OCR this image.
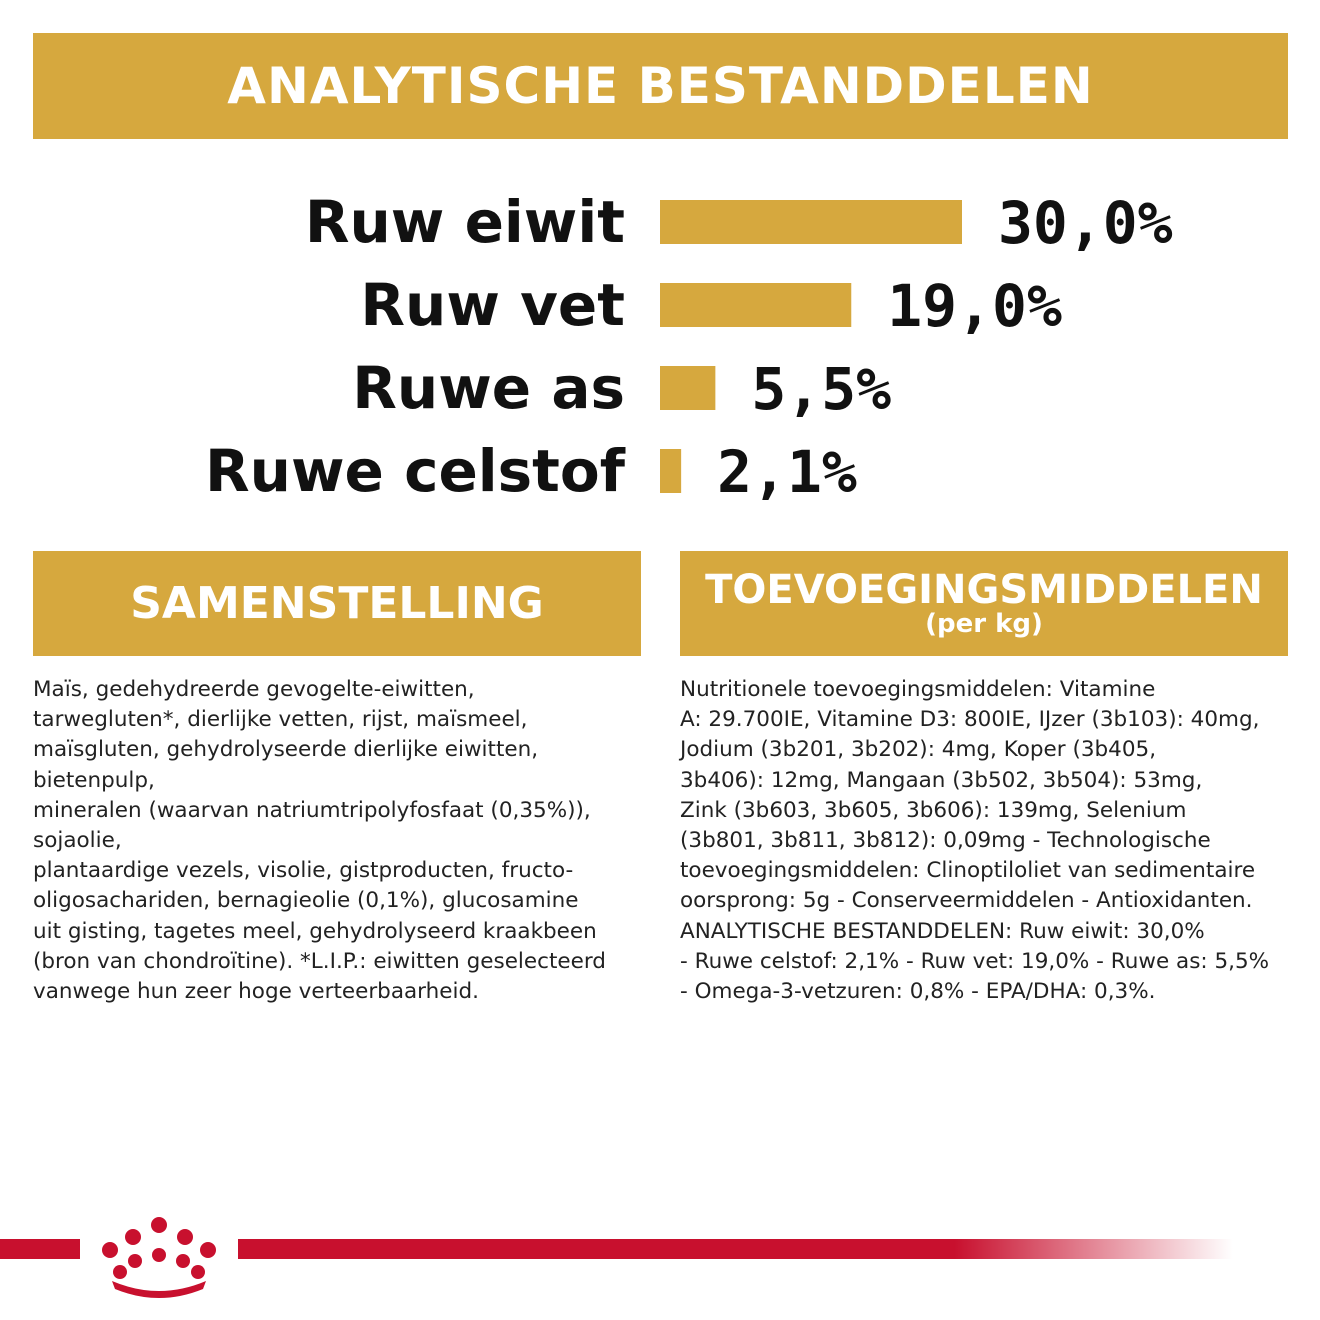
ANALYTISCHE BESTANDDELEN
Ruw eiwit	30,0%
Ruw vet	19,0%
Ruwe as 5,5%
Ruwe celstof 2,1%
SAMENSTELLING	TOEVOEGINGSMIDDELEN
(per kg)

Maïs, gedehydreerde gevogelte-eiwitten,
tarwegluten*, dierlijke vetten, rijst, maïsmeel,
maïsgluten, gehydrolyseerde dierlijke eiwitten, bietenpulp,
mineralen (waarvan natriumtripolyfosfaat (0,35%)), sojaolie,
plantaardige vezels, visolie, gistproducten, fructo-
oligosachariden, bernagieolie (0,1%), glucosamine
uit gisting, tagetes meel, gehydrolyseerd kraakbeen
(bron van chondroïtine). *L.I.P.: eiwitten geselecteerd
vanwege hun zeer hoge verteerbaarheid.

Nutritionele toevoegingsmiddelen: Vitamine
A: 29.700IE, Vitamine D3: 800IE, IJzer (3b103): 40mg,
Jodium (3b201, 3b202): 4mg, Koper (3b405,
3b406): 12mg, Mangaan (3b502, 3b504): 53mg,
Zink (3b603, 3b605, 3b606): 139mg, Selenium
(3b801, 3b811, 3b812): 0,09mg - Technologische
toevoegingsmiddelen: Clinoptiloliet van sedimentaire
oorsprong: 5g - Conserveermiddelen - Antioxidanten.
ANALYTISCHE BESTANDDELEN: Ruw eiwit: 30,0%
- Ruwe celstof: 2,1% - Ruw vet: 19,0% - Ruwe as: 5,5%
- Omega-3-vetzuren: 0,8% - EPA/DHA: 0,3%.
